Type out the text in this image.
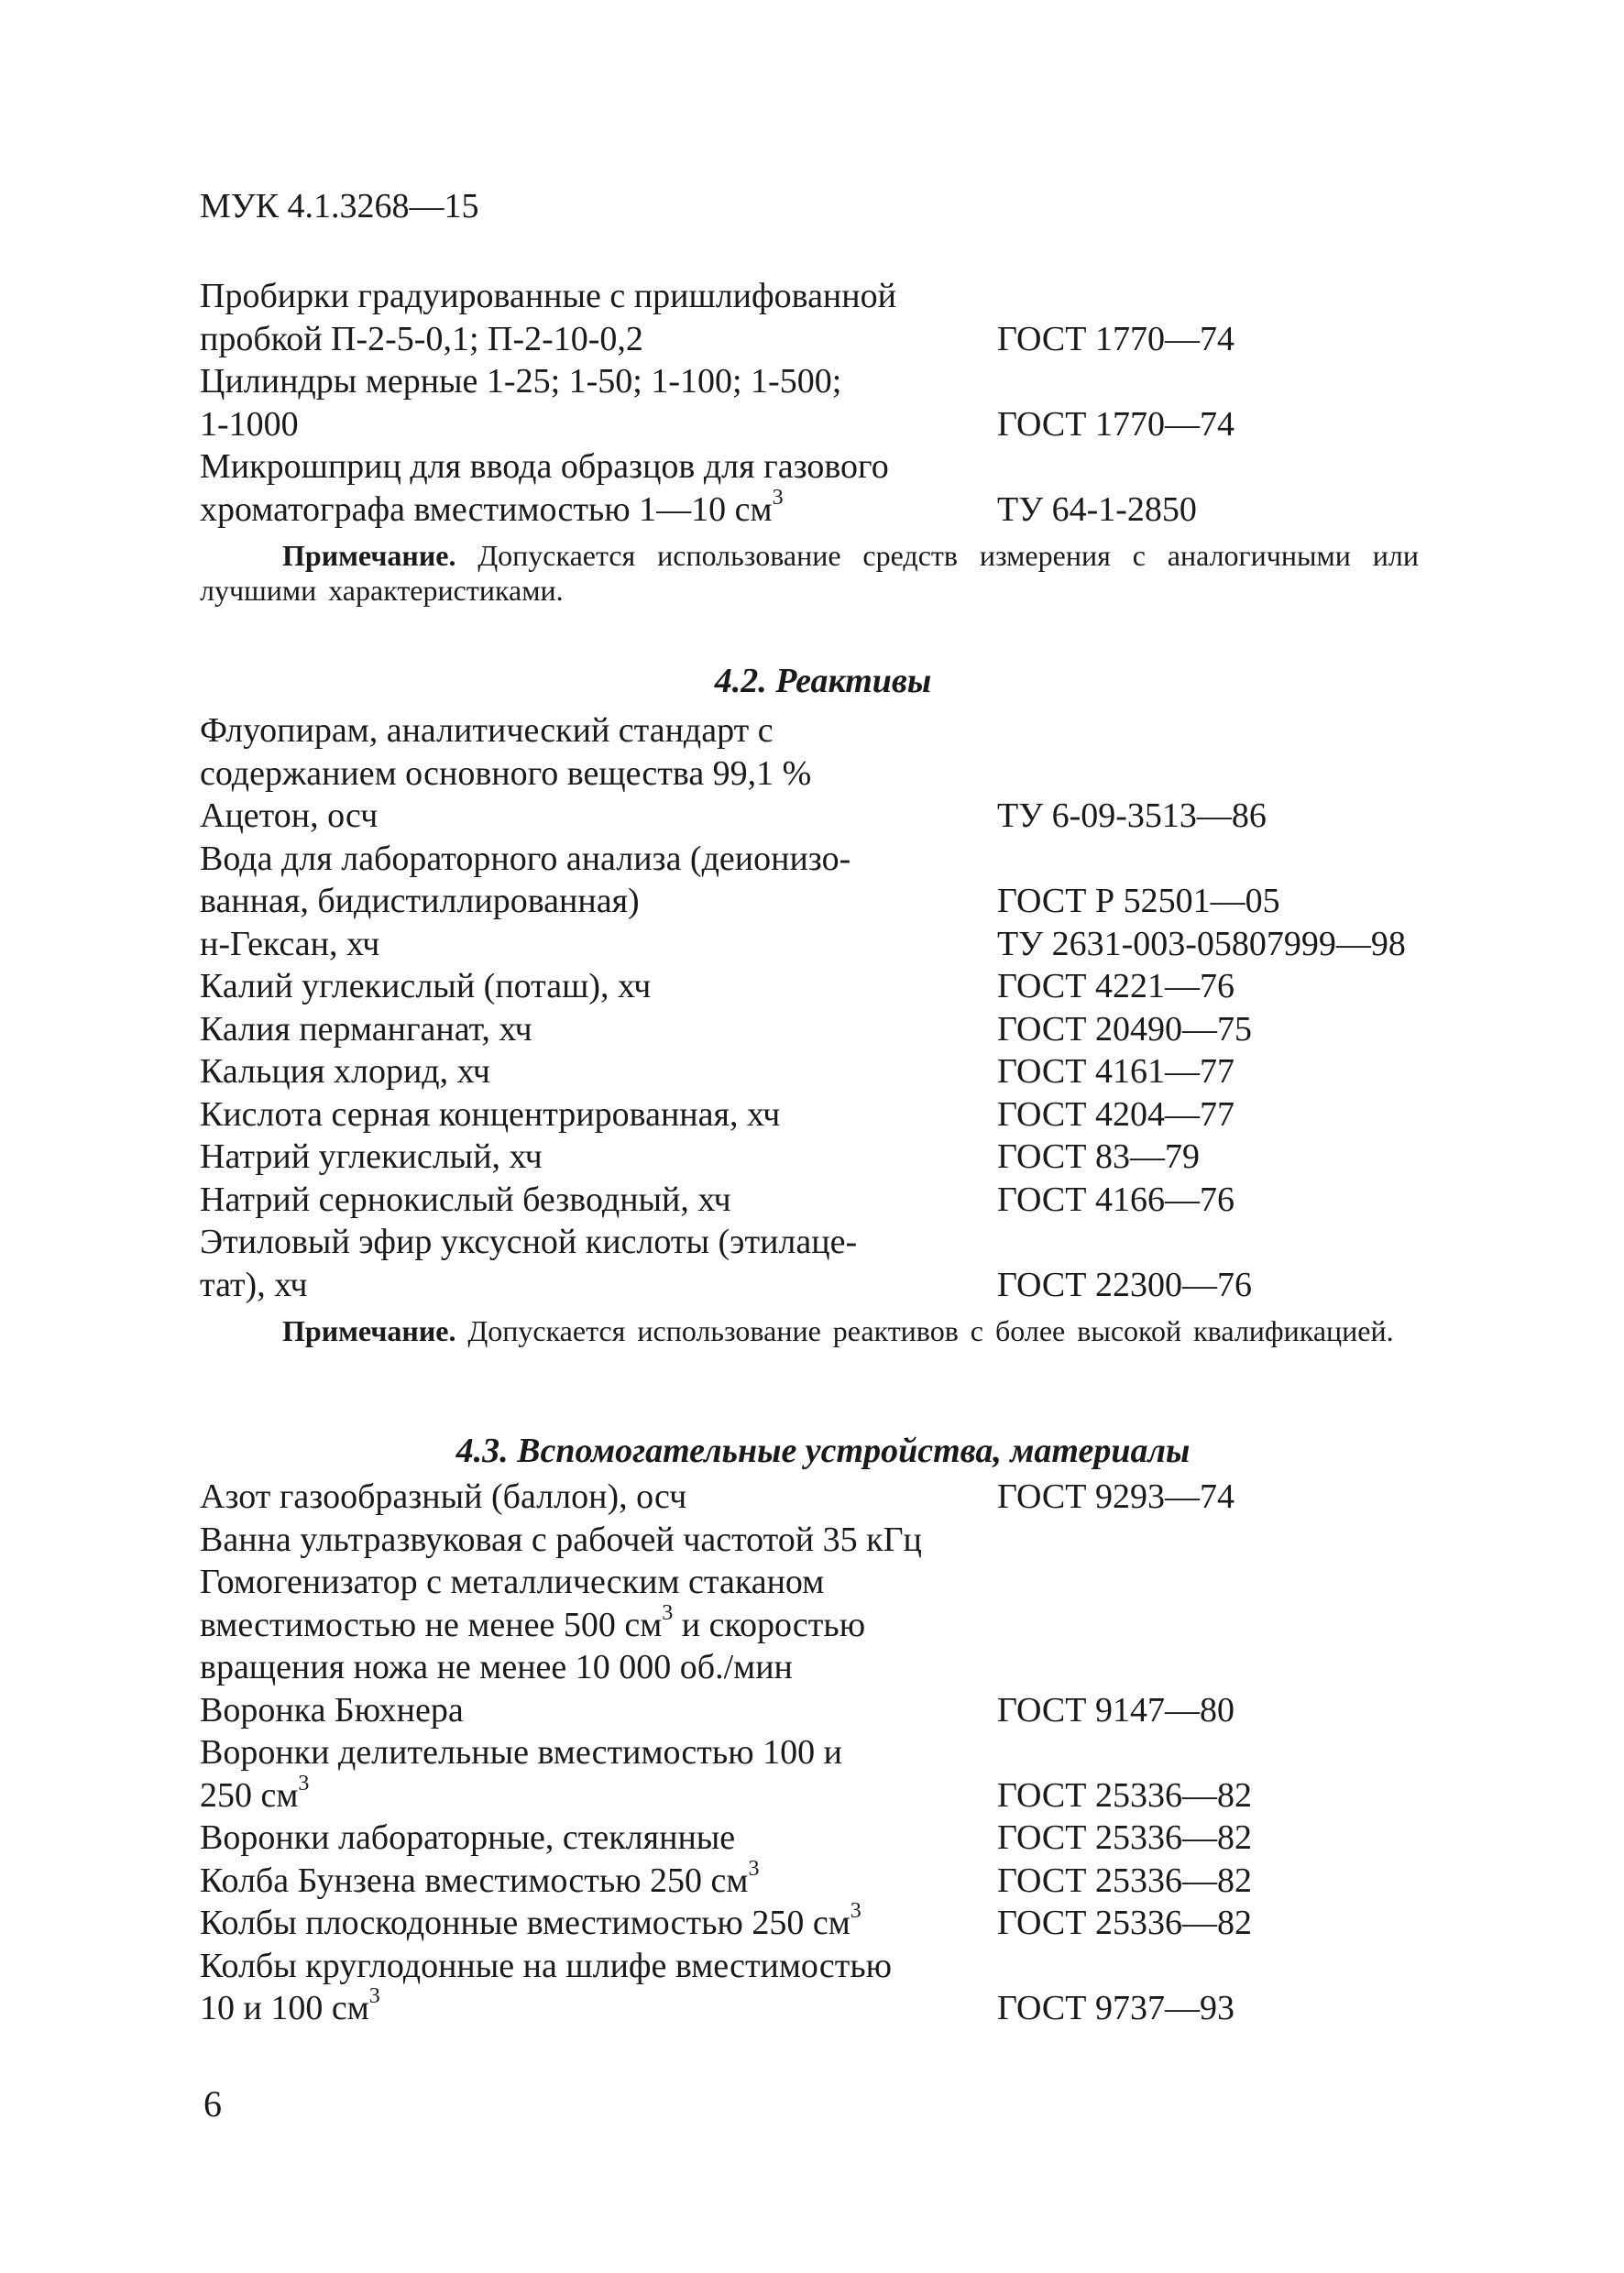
МУК 4.1.3268—15
Пробирки градуированные с пришлифованной
пробкой П-2-5-0,1; П-2-10-0,2	ГОСТ 1770—74
Цилиндры мерные 1-25; 1-50; 1-100; 1-500;
1-1000	ГОСТ 1770—74
Микрошприц для ввода образцов для газового
хроматографа вместимостью 1—10 $см^3$	ТУ 64-1-2850
Примечание. Допускается использование средств измерения с аналогичными или лучшими характеристиками.
4.2. Реактивы
Флуопирам, аналитический стандарт с
содержанием основного вещества 99,1 %
Ацетон, осч	ТУ 6-09-3513—86
Вода для лабораторного анализа (деионизо-
ванная, бидистиллированная)	ГОСТ Р 52501—05
н-Гексан, хч	ТУ 2631-003-05807999—98
Калий углекислый (поташ), хч	ГОСТ 4221—76
Калия перманганат, хч	ГОСТ 20490—75
Кальция хлорид, хч	ГОСТ 4161—77
Кислота серная концентрированная, хч	ГОСТ 4204—77
Натрий углекислый, хч	ГОСТ 83—79
Натрий сернокислый безводный, хч	ГОСТ 4166—76
Этиловый эфир уксусной кислоты (этилаце-
тат), хч	ГОСТ 22300—76
Примечание. Допускается использование реактивов с более высокой квалификацией.
4.3. Вспомогательные устройства, материалы
Азот газообразный (баллон), осч	ГОСТ 9293—74
Ванна ультразвуковая с рабочей частотой 35 кГц
Гомогенизатор с металлическим стаканом
вместимостью не менее 500 $см^3$ и скоростью
вращения ножа не менее 10 000 об./мин
Воронка Бюхнера	ГОСТ 9147—80
Воронки делительные вместимостью 100 и
250 $см^3$	ГОСТ 25336—82
Воронки лабораторные, стеклянные	ГОСТ 25336—82
Колба Бунзена вместимостью 250 $см^3$	ГОСТ 25336—82
Колбы плоскодонные вместимостью 250 $см^3$	ГОСТ 25336—82
Колбы круглодонные на шлифе вместимостью
10 и 100 $см^3$	ГОСТ 9737—93
6
